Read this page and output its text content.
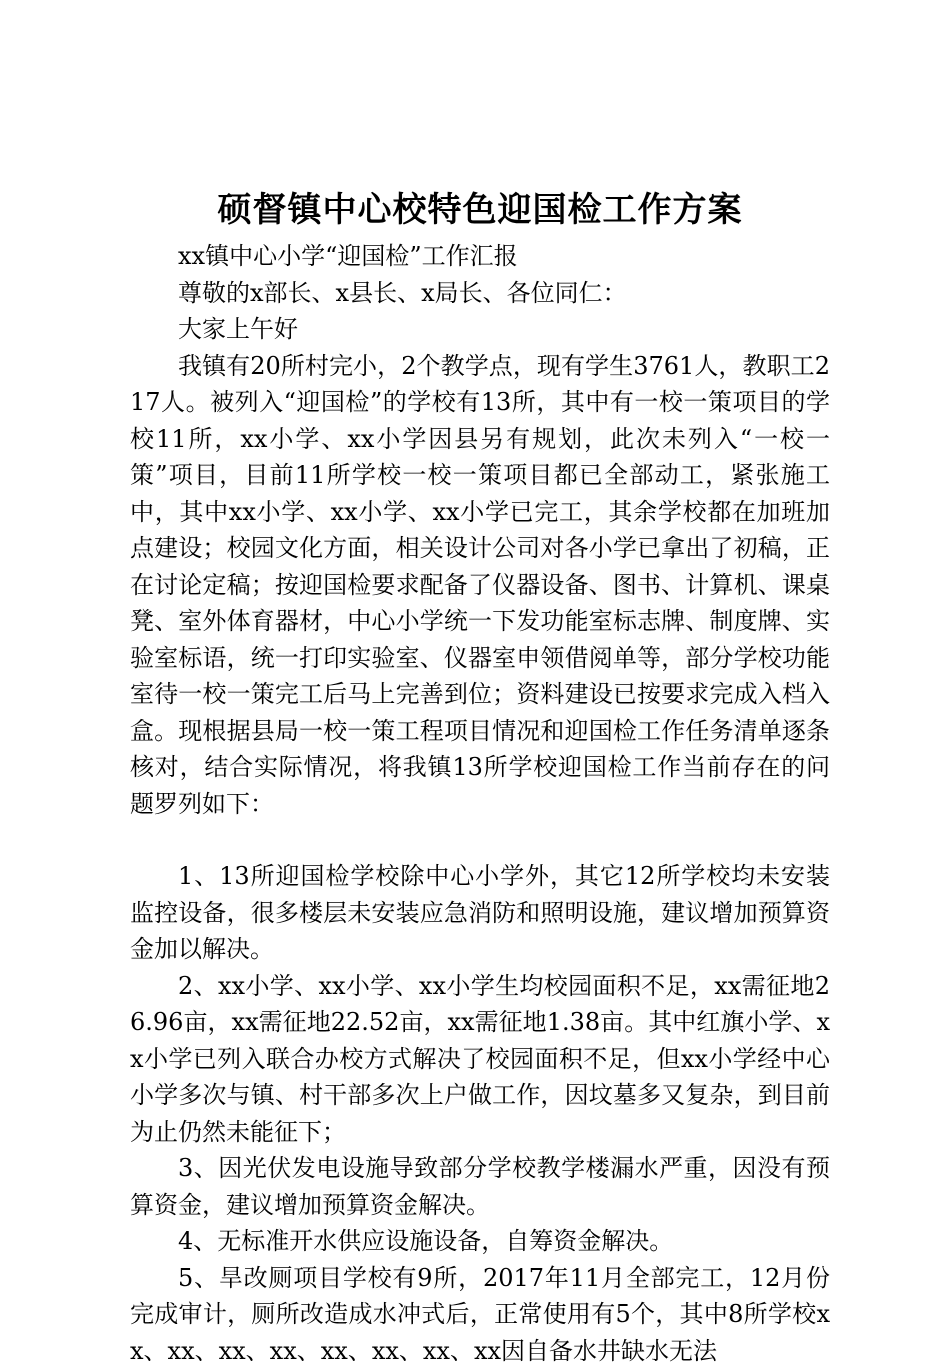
硕督镇中心校特色迎国检工作方案

xx镇中心小学“迎国检”工作汇报

尊敬的x部长、x县长、x局长、各位同仁：

大家上午好

我镇有20所村完小，2个教学点，现有学生3761人，教职工217人。被列入“迎国检”的学校有13所，其中有一校一策项目的学校11所，xx小学、xx小学因县另有规划，此次未列入“一校一策”项目，目前11所学校一校一策项目都已全部动工，紧张施工中，其中xx小学、xx小学、xx小学已完工，其余学校都在加班加点建设；校园文化方面，相关设计公司对各小学已拿出了初稿，正在讨论定稿；按迎国检要求配备了仪器设备、图书、计算机、课桌凳、室外体育器材，中心小学统一下发功能室标志牌、制度牌、实验室标语，统一打印实验室、仪器室申领借阅单等，部分学校功能室待一校一策完工后马上完善到位；资料建设已按要求完成入档入盒。现根据县局一校一策工程项目情况和迎国检工作任务清单逐条核对，结合实际情况，将我镇13所学校迎国检工作当前存在的问题罗列如下：

1、13所迎国检学校除中心小学外，其它12所学校均未安装监控设备，很多楼层未安装应急消防和照明设施，建议增加预算资金加以解决。

2、xx小学、xx小学、xx小学生均校园面积不足，xx需征地26.96亩，xx需征地22.52亩，xx需征地1.38亩。其中红旗小学、xx小学已列入联合办校方式解决了校园面积不足，但xx小学经中心小学多次与镇、村干部多次上户做工作，因坟墓多又复杂，到目前为止仍然未能征下；

3、因光伏发电设施导致部分学校教学楼漏水严重，因没有预算资金，建议增加预算资金解决。

4、无标准开水供应设施设备，自筹资金解决。

5、旱改厕项目学校有9所，2017年11月全部完工，12月份完成审计，厕所改造成水冲式后，正常使用有5个，其中8所学校xx、xx、xx、xx、xx、xx、xx、xx因自备水井缺水无法
